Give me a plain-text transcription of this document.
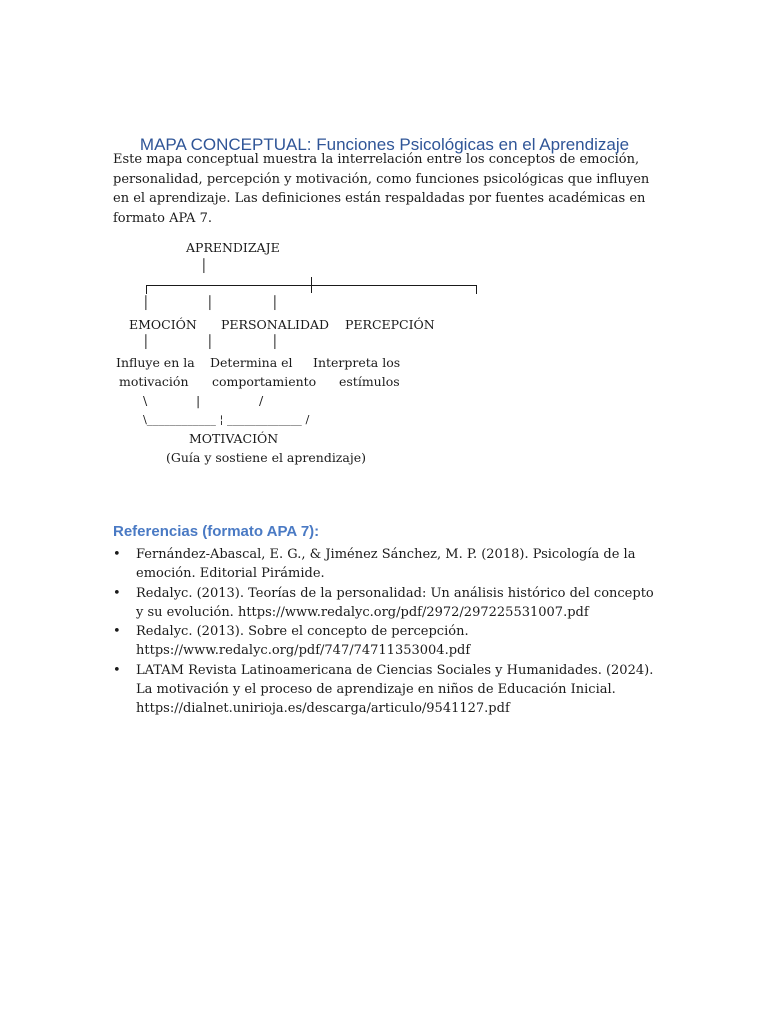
MAPA CONCEPTUAL: Funciones Psicológicas en el Aprendizaje

Este mapa conceptual muestra la interrelación entre los conceptos de emoción, personalidad, percepción y motivación, como funciones psicológicas que influyen en el aprendizaje. Las definiciones están respaldadas por fuentes académicas en formato APA 7.

APRENDIZAJE
│
│	│	│
EMOCIÓN PERSONALIDAD PERCEPCIÓN
│	│	│
Influye en la Determina el Interpreta los
motivación comportamiento estímulos
\	|	/
\____________ ¦ _____________ /
MOTIVACIÓN
(Guía y sostiene el aprendizaje)
Referencias (formato APA 7):
• Fernández-Abascal, E. G., & Jiménez Sánchez, M. P. (2018). Psicología de la emoción. Editorial Pirámide.
• Redalyc. (2013). Teorías de la personalidad: Un análisis histórico del concepto y su evolución. https://www.redalyc.org/pdf/2972/297225531007.pdf
• Redalyc. (2013). Sobre el concepto de percepción. https://www.redalyc.org/pdf/747/74711353004.pdf
• LATAM Revista Latinoamericana de Ciencias Sociales y Humanidades. (2024). La motivación y el proceso de aprendizaje en niños de Educación Inicial. https://dialnet.unirioja.es/descarga/articulo/9541127.pdf
